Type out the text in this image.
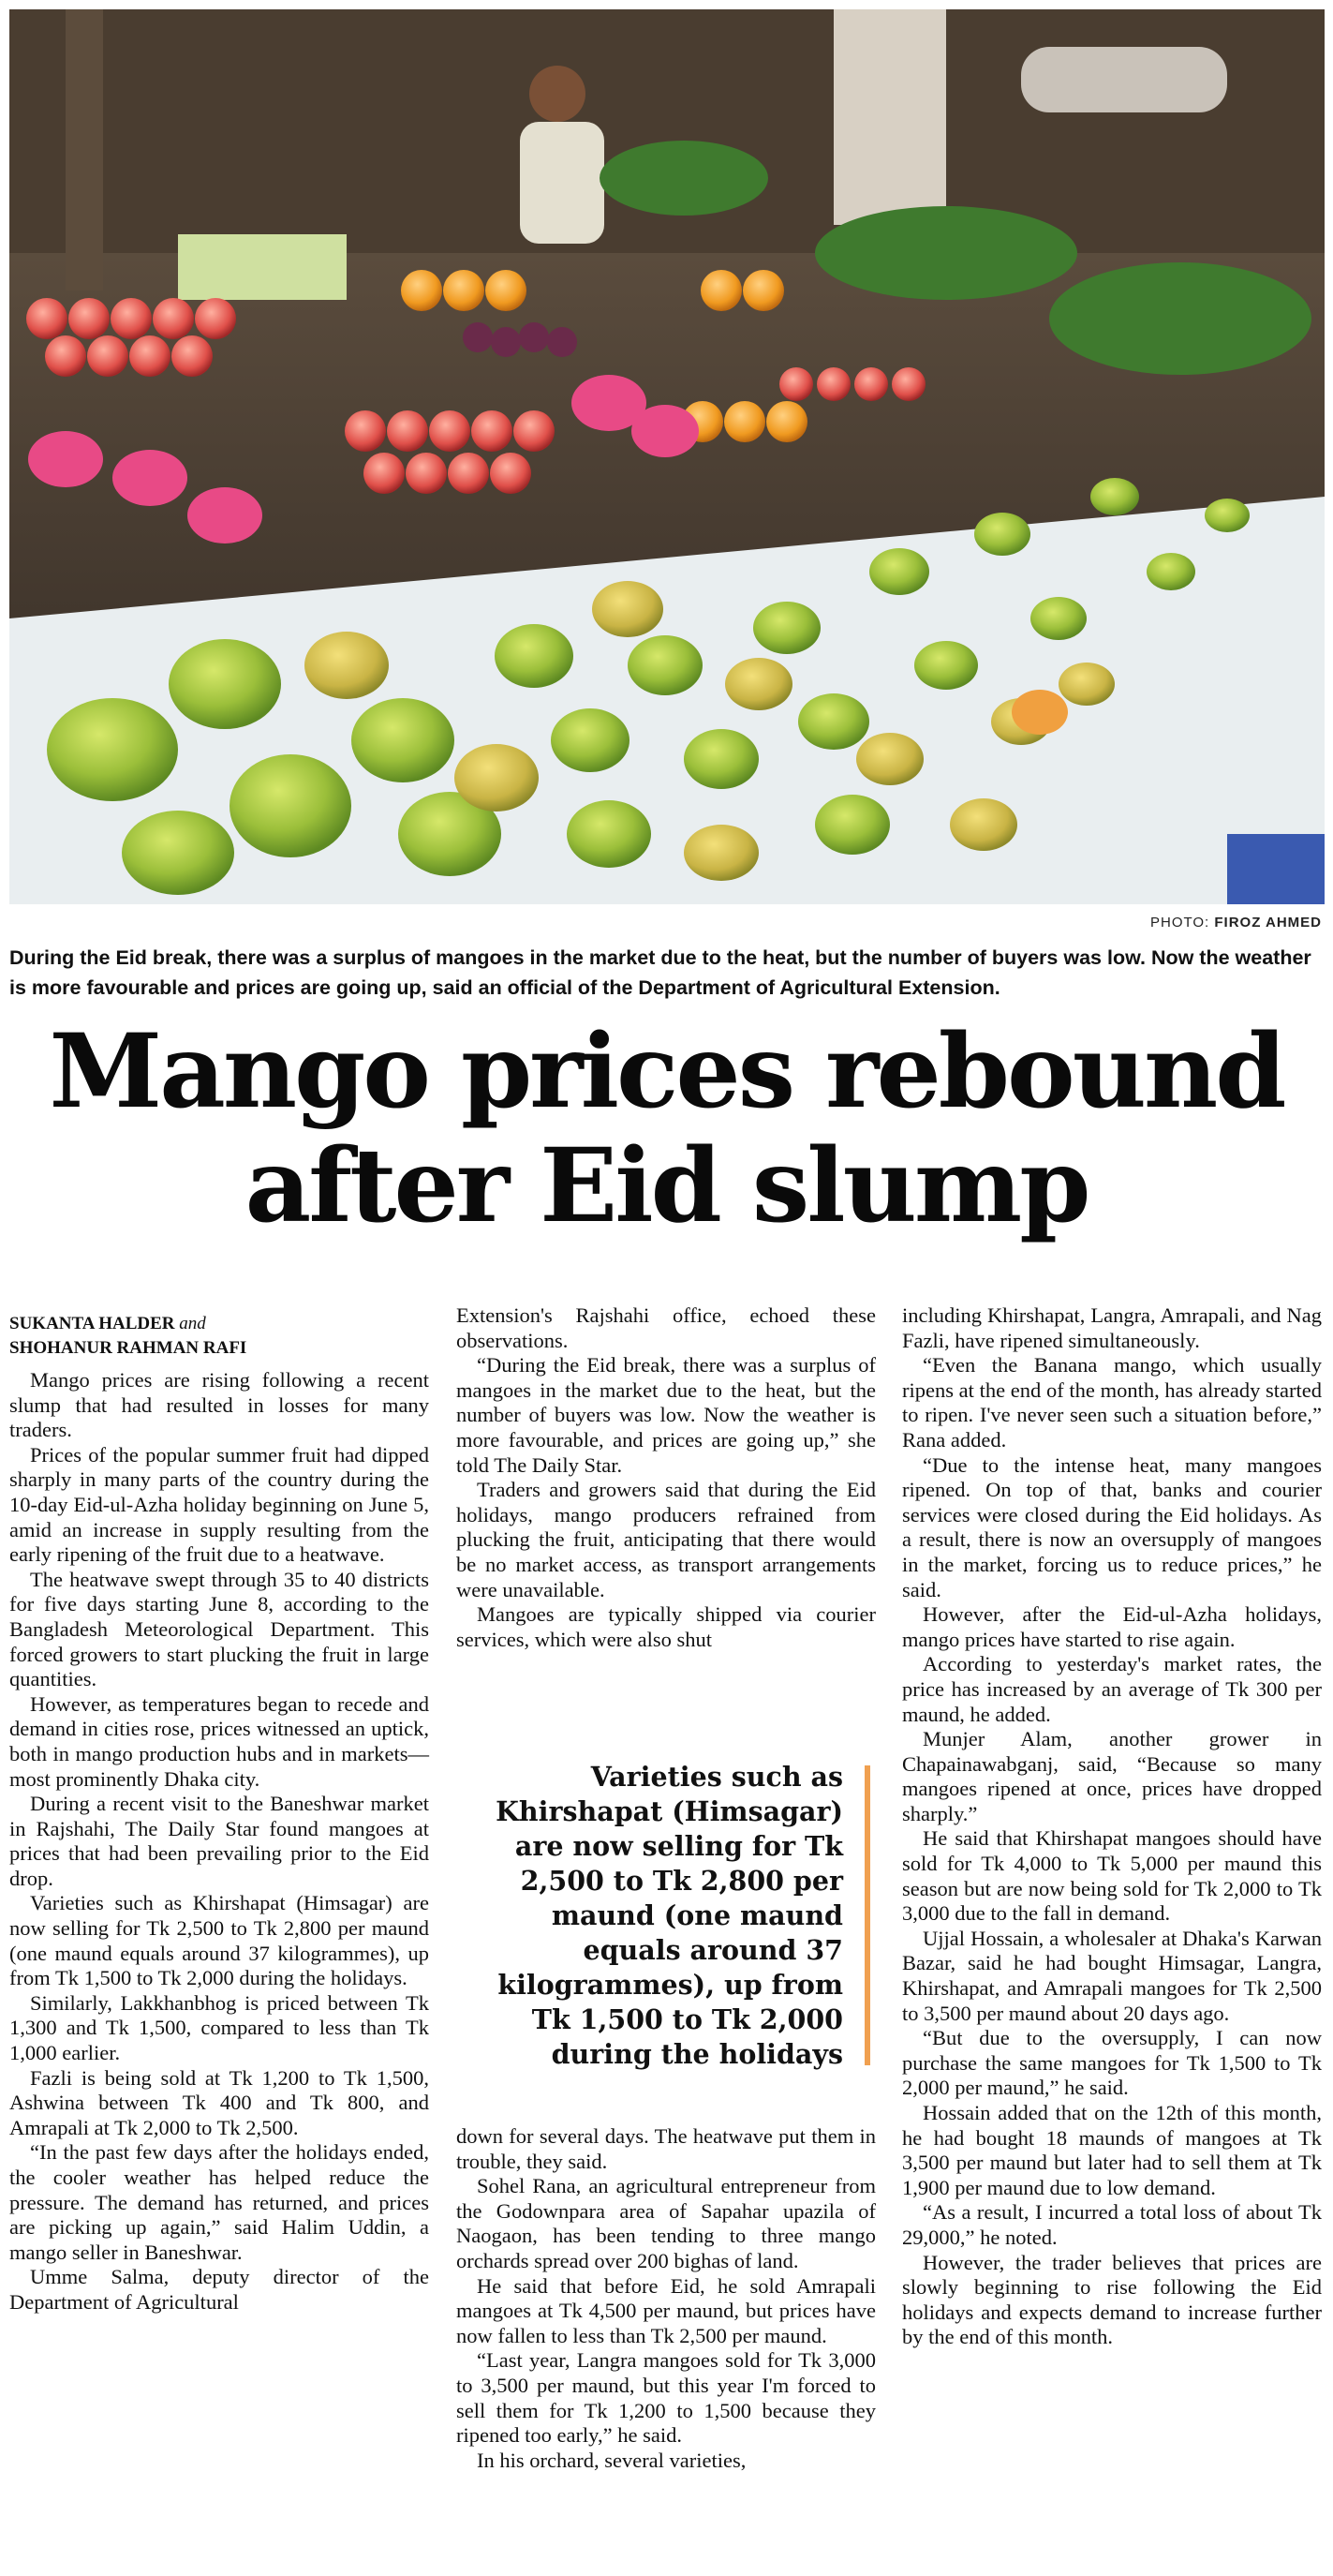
PHOTO: FIROZ AHMED
During the Eid break, there was a surplus of mangoes in the market due to the heat, but the number of buyers was low. Now the weather is more favourable and prices are going up, said an official of the Department of Agricultural Extension.
Mango prices rebound
after Eid slump
SUKANTA HALDER and
SHOHANUR RAHMAN RAFI

Mango prices are rising following a recent slump that had resulted in losses for many traders.

Prices of the popular summer fruit had dipped sharply in many parts of the country during the 10-day Eid-ul-Azha holiday beginning on June 5, amid an increase in supply resulting from the early ripening of the fruit due to a heatwave.

The heatwave swept through 35 to 40 districts for five days starting June 8, according to the Bangladesh Meteorological Department. This forced growers to start plucking the fruit in large quantities.

However, as temperatures began to recede and demand in cities rose, prices witnessed an uptick, both in mango production hubs and in markets—most prominently Dhaka city.

During a recent visit to the Baneshwar market in Rajshahi, The Daily Star found mangoes at prices that had been prevailing prior to the Eid drop.

Varieties such as Khirshapat (Himsagar) are now selling for Tk 2,500 to Tk 2,800 per maund (one maund equals around 37 kilogrammes), up from Tk 1,500 to Tk 2,000 during the holidays.

Similarly, Lakkhanbhog is priced between Tk 1,300 and Tk 1,500, compared to less than Tk 1,000 earlier.

Fazli is being sold at Tk 1,200 to Tk 1,500, Ashwina between Tk 400 and Tk 800, and Amrapali at Tk 2,000 to Tk 2,500.

“In the past few days after the holidays ended, the cooler weather has helped reduce the pressure. The demand has returned, and prices are picking up again,” said Halim Uddin, a mango seller in Baneshwar.

Umme Salma, deputy director of the Department of Agricultural

Extension's Rajshahi office, echoed these observations.

“During the Eid break, there was a surplus of mangoes in the market due to the heat, but the number of buyers was low. Now the weather is more favourable, and prices are going up,” she told The Daily Star.

Traders and growers said that during the Eid holidays, mango producers refrained from plucking the fruit, anticipating that there would be no market access, as transport arrangements were unavailable.

Mangoes are typically shipped via courier services, which were also shut

Varieties such as Khirshapat (Himsagar) are now selling for Tk 2,500 to Tk 2,800 per maund (one maund equals around 37 kilogrammes), up from Tk 1,500 to Tk 2,000 during the holidays

down for several days. The heatwave put them in trouble, they said.

Sohel Rana, an agricultural entrepreneur from the Godownpara area of Sapahar upazila of Naogaon, has been tending to three mango orchards spread over 200 bighas of land.

He said that before Eid, he sold Amrapali mangoes at Tk 4,500 per maund, but prices have now fallen to less than Tk 2,500 per maund.

“Last year, Langra mangoes sold for Tk 3,000 to 3,500 per maund, but this year I'm forced to sell them for Tk 1,200 to 1,500 because they ripened too early,” he said.

In his orchard, several varieties,

including Khirshapat, Langra, Amrapali, and Nag Fazli, have ripened simultaneously.

“Even the Banana mango, which usually ripens at the end of the month, has already started to ripen. I've never seen such a situation before,” Rana added.

“Due to the intense heat, many mangoes ripened. On top of that, banks and courier services were closed during the Eid holidays. As a result, there is now an oversupply of mangoes in the market, forcing us to reduce prices,” he said.

However, after the Eid-ul-Azha holidays, mango prices have started to rise again.

According to yesterday's market rates, the price has increased by an average of Tk 300 per maund, he added.

Munjer Alam, another grower in Chapainawabganj, said, “Because so many mangoes ripened at once, prices have dropped sharply.”

He said that Khirshapat mangoes should have sold for Tk 4,000 to Tk 5,000 per maund this season but are now being sold for Tk 2,000 to Tk 3,000 due to the fall in demand.

Ujjal Hossain, a wholesaler at Dhaka's Karwan Bazar, said he had bought Himsagar, Langra, Khirshapat, and Amrapali mangoes for Tk 2,500 to 3,500 per maund about 20 days ago.

“But due to the oversupply, I can now purchase the same mangoes for Tk 1,500 to Tk 2,000 per maund,” he said.

Hossain added that on the 12th of this month, he had bought 18 maunds of mangoes at Tk 3,500 per maund but later had to sell them at Tk 1,900 per maund due to low demand.

“As a result, I incurred a total loss of about Tk 29,000,” he noted.

However, the trader believes that prices are slowly beginning to rise following the Eid holidays and expects demand to increase further by the end of this month.
